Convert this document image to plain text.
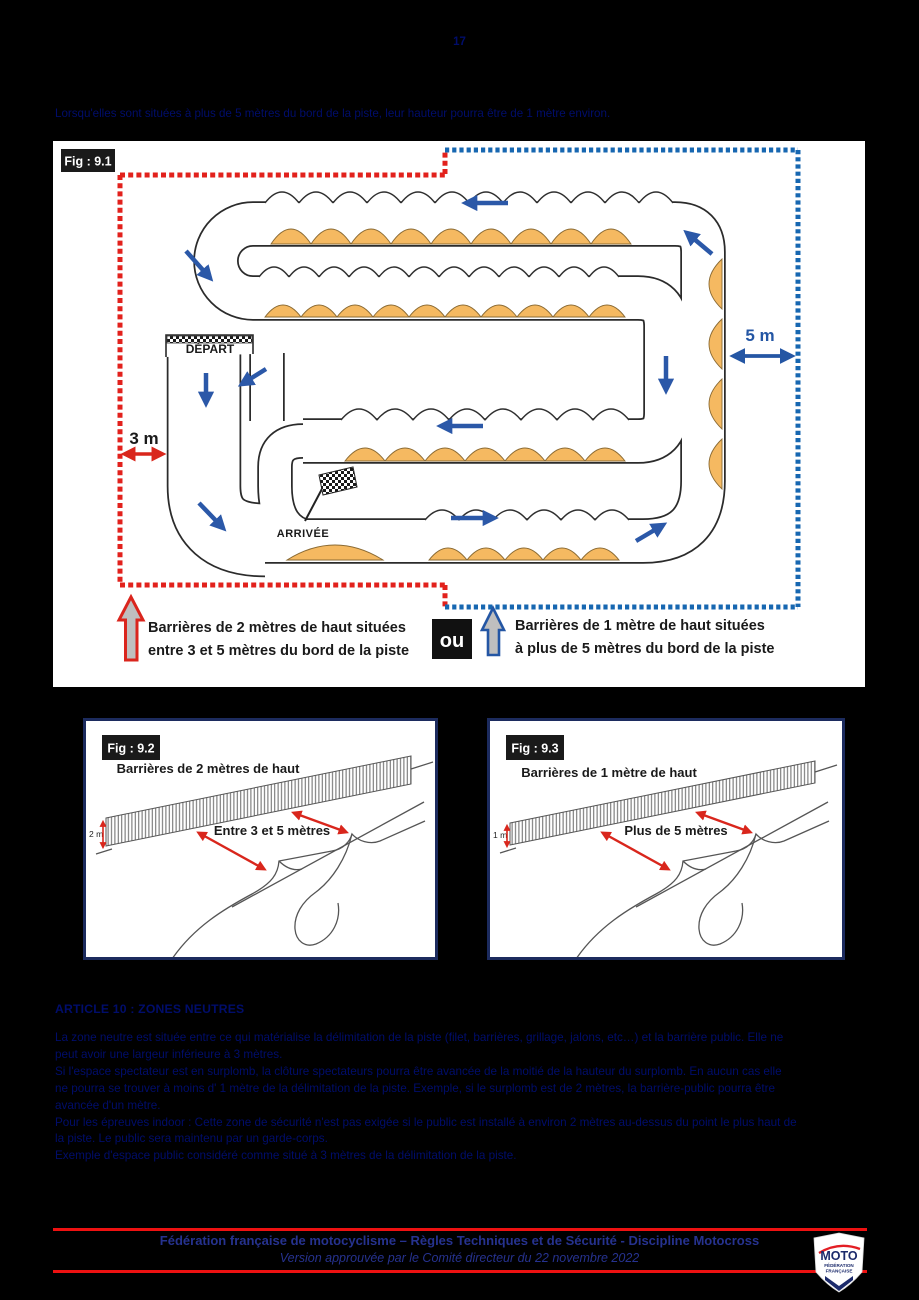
17
Lorsqu'elles sont situées à plus de 5 mètres du bord de la piste, leur hauteur pourra être de 1 mètre environ.
DÉPART
ARRIVÉE
3 m
5 m
Fig : 9.1
Barrières de 2 mètres de haut situées
entre 3 et 5 mètres du bord de la piste ou
Barrières de 1 mètre de haut situées
à plus de 5 mètres du bord de la piste
Fig : 9.2
Barrières de 2 mètres de haut
2 m	Entre 3 et 5 mètres
Fig : 9.3
Barrières de 1 mètre de haut
1 m	Plus de 5 mètres
ARTICLE 10 : ZONES NEUTRES
La zone neutre est située entre ce qui matérialise la délimitation de la piste (filet, barrières, grillage, jalons, etc…) et la barrière public. Elle ne
peut avoir une largeur inférieure à 3 mètres.
Si l'espace spectateur est en surplomb, la clôture spectateurs pourra être avancée de la moitié de la hauteur du surplomb. En aucun cas elle
ne pourra se trouver à moins d' 1 mètre de la délimitation de la piste. Exemple, si le surplomb est de 2 mètres, la barrière-public pourra être
avancée d'un mètre.
Pour les épreuves indoor : Cette zone de sécurité n'est pas exigée si le public est installé à environ 2 mètres au-dessus du point le plus haut de
la piste. Le public sera maintenu par un garde-corps.
Exemple d'espace public considéré comme situé à 3 mètres de la délimitation de la piste.
Fédération française de motocyclisme – Règles Techniques et de Sécurité - Discipline Motocross
Version approuvée par le Comité directeur du 22 novembre 2022	MOTO
FÉDÉRATION
FRANÇAISE
